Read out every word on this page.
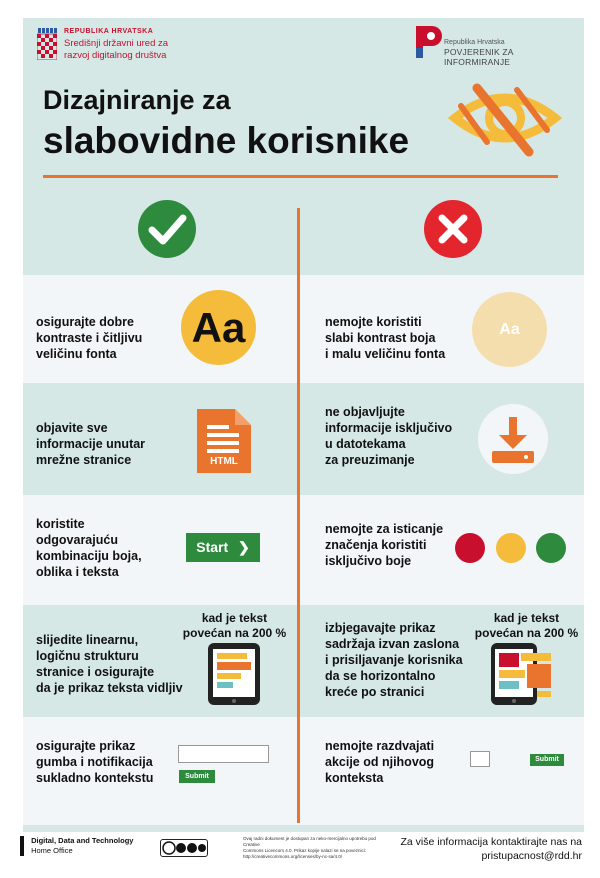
REPUBLIKA HRVATSKA
Središnji državni ured za
razvoj digitalnog društva
Republika Hrvatska
POVJERENIK ZA INFORMIRANJE
Dizajniranje za
slabovidne korisnike
osigurajte dobre
kontraste i čitljivu
veličinu fonta
Aa	nemojte koristiti
slabi kontrast boja
i malu veličinu fonta
Aa
objavite sve
informacije unutar
mrežne stranice	HTML
ne objavljujte
informacije isključivo
u datotekama
za preuzimanje
koristite
odgovarajuću
kombinaciju boja,
oblika i teksta
Start ❯
nemojte za isticanje
značenja koristiti
isključivo boje
slijedite linearnu,
logičnu strukturu
stranice i osigurajte
da je prikaz teksta vidljiv
kad je tekst
povećan na 200 %	izbjegavajte prikaz
sadržaja izvan zaslona
i prisiljavanje korisnika
da se horizontalno
kreće po stranici
kad je tekst
povećan na 200 %
osigurajte prikaz
gumba i notifikacija
sukladno kontekstu	Submit
nemojte razdvajati
akcije od njihovog
konteksta
Submit
Digital, Data and Technology
Home Office
Ovaj radni dokument je dostupan za neko-mercijalno upotrebu pod Creative
Commons Licencom 4.0. Prikaz kopije nalazi se na poveznici:
http://creativecommons.org/licenses/by-nc-sa/4.0/
Za više informacija kontaktirajte nas na
pristupacnost@rdd.hr
